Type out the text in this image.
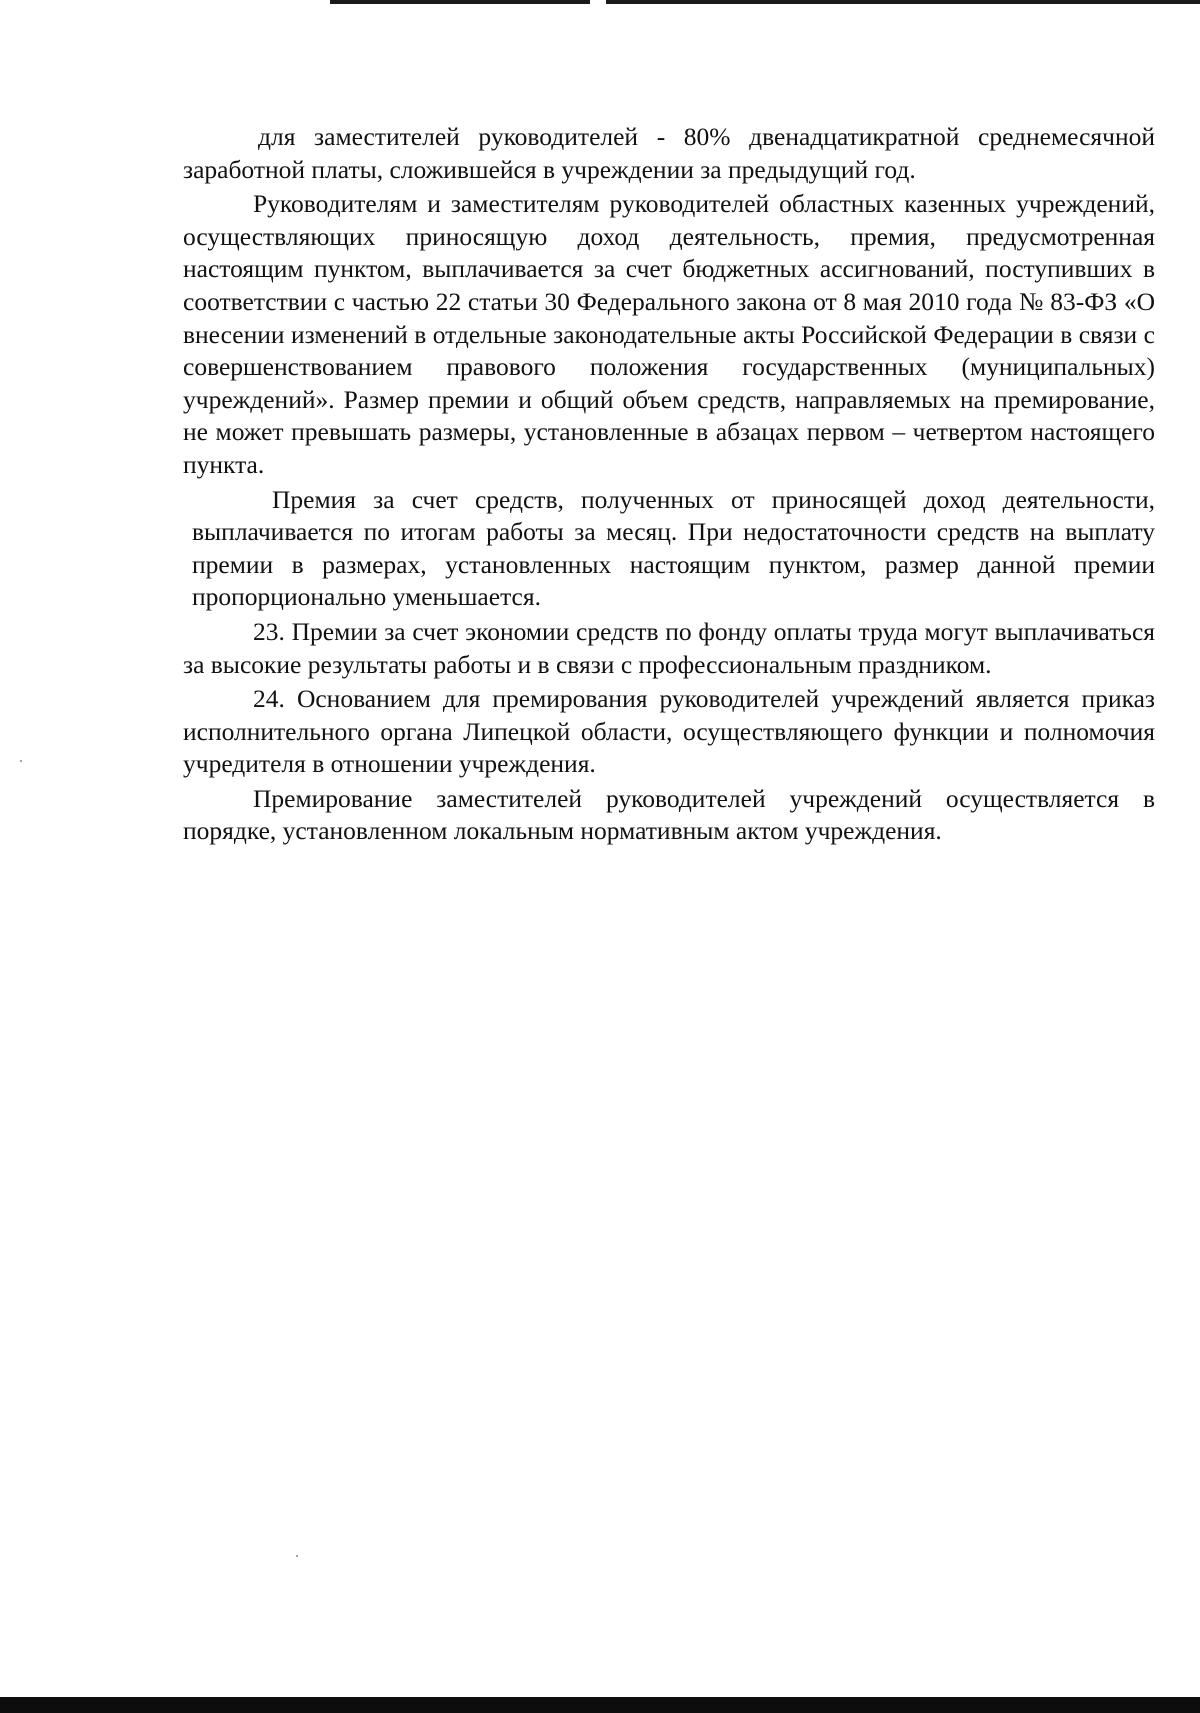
для заместителей руководителей - 80% двенадцатикратной среднемесячной заработной платы, сложившейся в учреждении за предыдущий год.

Руководителям и заместителям руководителей областных казенных учреждений, осуществляющих приносящую доход деятельность, премия, предусмотренная настоящим пунктом, выплачивается за счет бюджетных ассигнований, поступивших в соответствии с частью 22 статьи 30 Федерального закона от 8 мая 2010 года № 83-ФЗ «О внесении изменений в отдельные законодательные акты Российской Федерации в связи с совершенствованием правового положения государственных (муниципальных) учреждений». Размер премии и общий объем средств, направляемых на премирование, не может превышать размеры, установленные в абзацах первом – четвертом настоящего пункта.

Премия за счет средств, полученных от приносящей доход деятельности, выплачивается по итогам работы за месяц. При недостаточности средств на выплату премии в размерах, установленных настоящим пунктом, размер данной премии пропорционально уменьшается.

23. Премии за счет экономии средств по фонду оплаты труда могут выплачиваться за высокие результаты работы и в связи с профессиональным праздником.

24. Основанием для премирования руководителей учреждений является приказ исполнительного органа Липецкой области, осуществляющего функции и полномочия учредителя в отношении учреждения.

Премирование заместителей руководителей учреждений осуществляется в порядке, установленном локальным нормативным актом учреждения.
